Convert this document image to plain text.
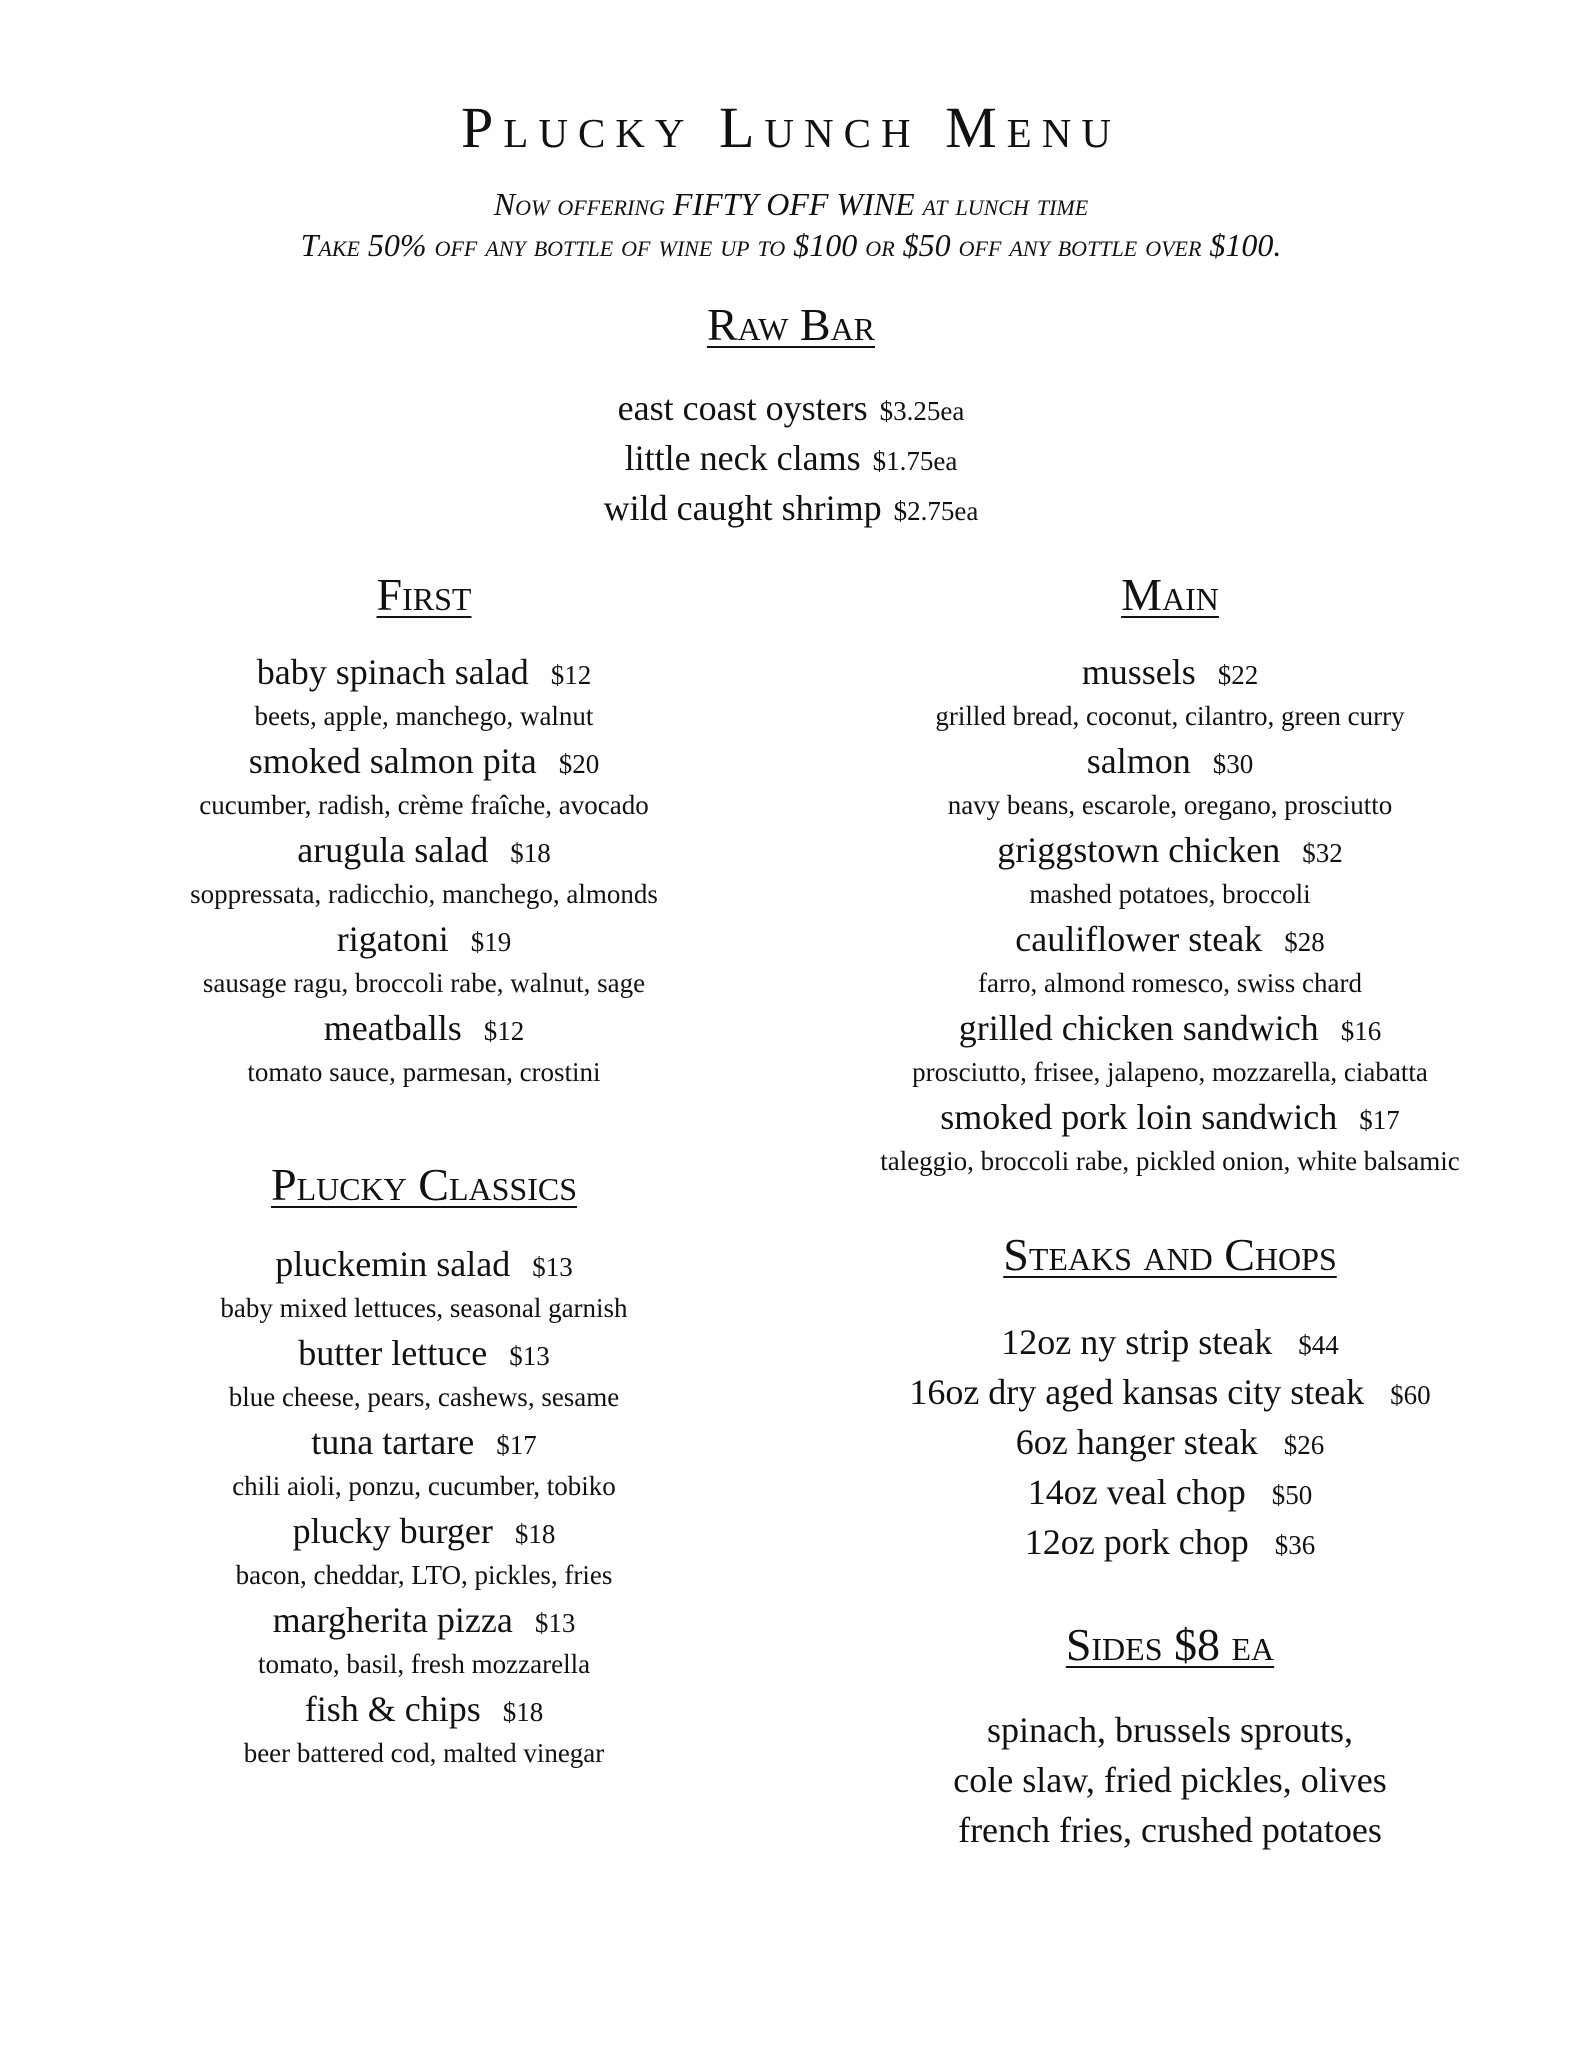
Plucky Lunch Menu

Now offering FIFTY OFF WINE at lunch time

Take 50% off any bottle of wine up to $100 or $50 off any bottle over $100.

Raw Bar
east coast oysters $3.25ea
little neck clams $1.75ea
wild caught shrimp $2.75ea
First
baby spinach salad $12
beets, apple, manchego, walnut
smoked salmon pita $20
cucumber, radish, crème fraîche, avocado
arugula salad $18
soppressata, radicchio, manchego, almonds
rigatoni $19
sausage ragu, broccoli rabe, walnut, sage
meatballs $12
tomato sauce, parmesan, crostini
Main
mussels $22
grilled bread, coconut, cilantro, green curry
salmon $30
navy beans, escarole, oregano, prosciutto
griggstown chicken $32
mashed potatoes, broccoli
cauliflower steak $28
farro, almond romesco, swiss chard
grilled chicken sandwich $16
prosciutto, frisee, jalapeno, mozzarella, ciabatta
smoked pork loin sandwich $17
taleggio, broccoli rabe, pickled onion, white balsamic
Plucky Classics
pluckemin salad $13
baby mixed lettuces, seasonal garnish
butter lettuce $13
blue cheese, pears, cashews, sesame
tuna tartare $17
chili aioli, ponzu, cucumber, tobiko
plucky burger $18
bacon, cheddar, LTO, pickles, fries
margherita pizza $13
tomato, basil, fresh mozzarella
fish & chips $18
beer battered cod, malted vinegar
Steaks and Chops
12oz ny strip steak $44
16oz dry aged kansas city steak $60
6oz hanger steak $26
14oz veal chop $50
12oz pork chop $36
Sides $8 ea
spinach, brussels sprouts,
cole slaw, fried pickles, olives
french fries, crushed potatoes
